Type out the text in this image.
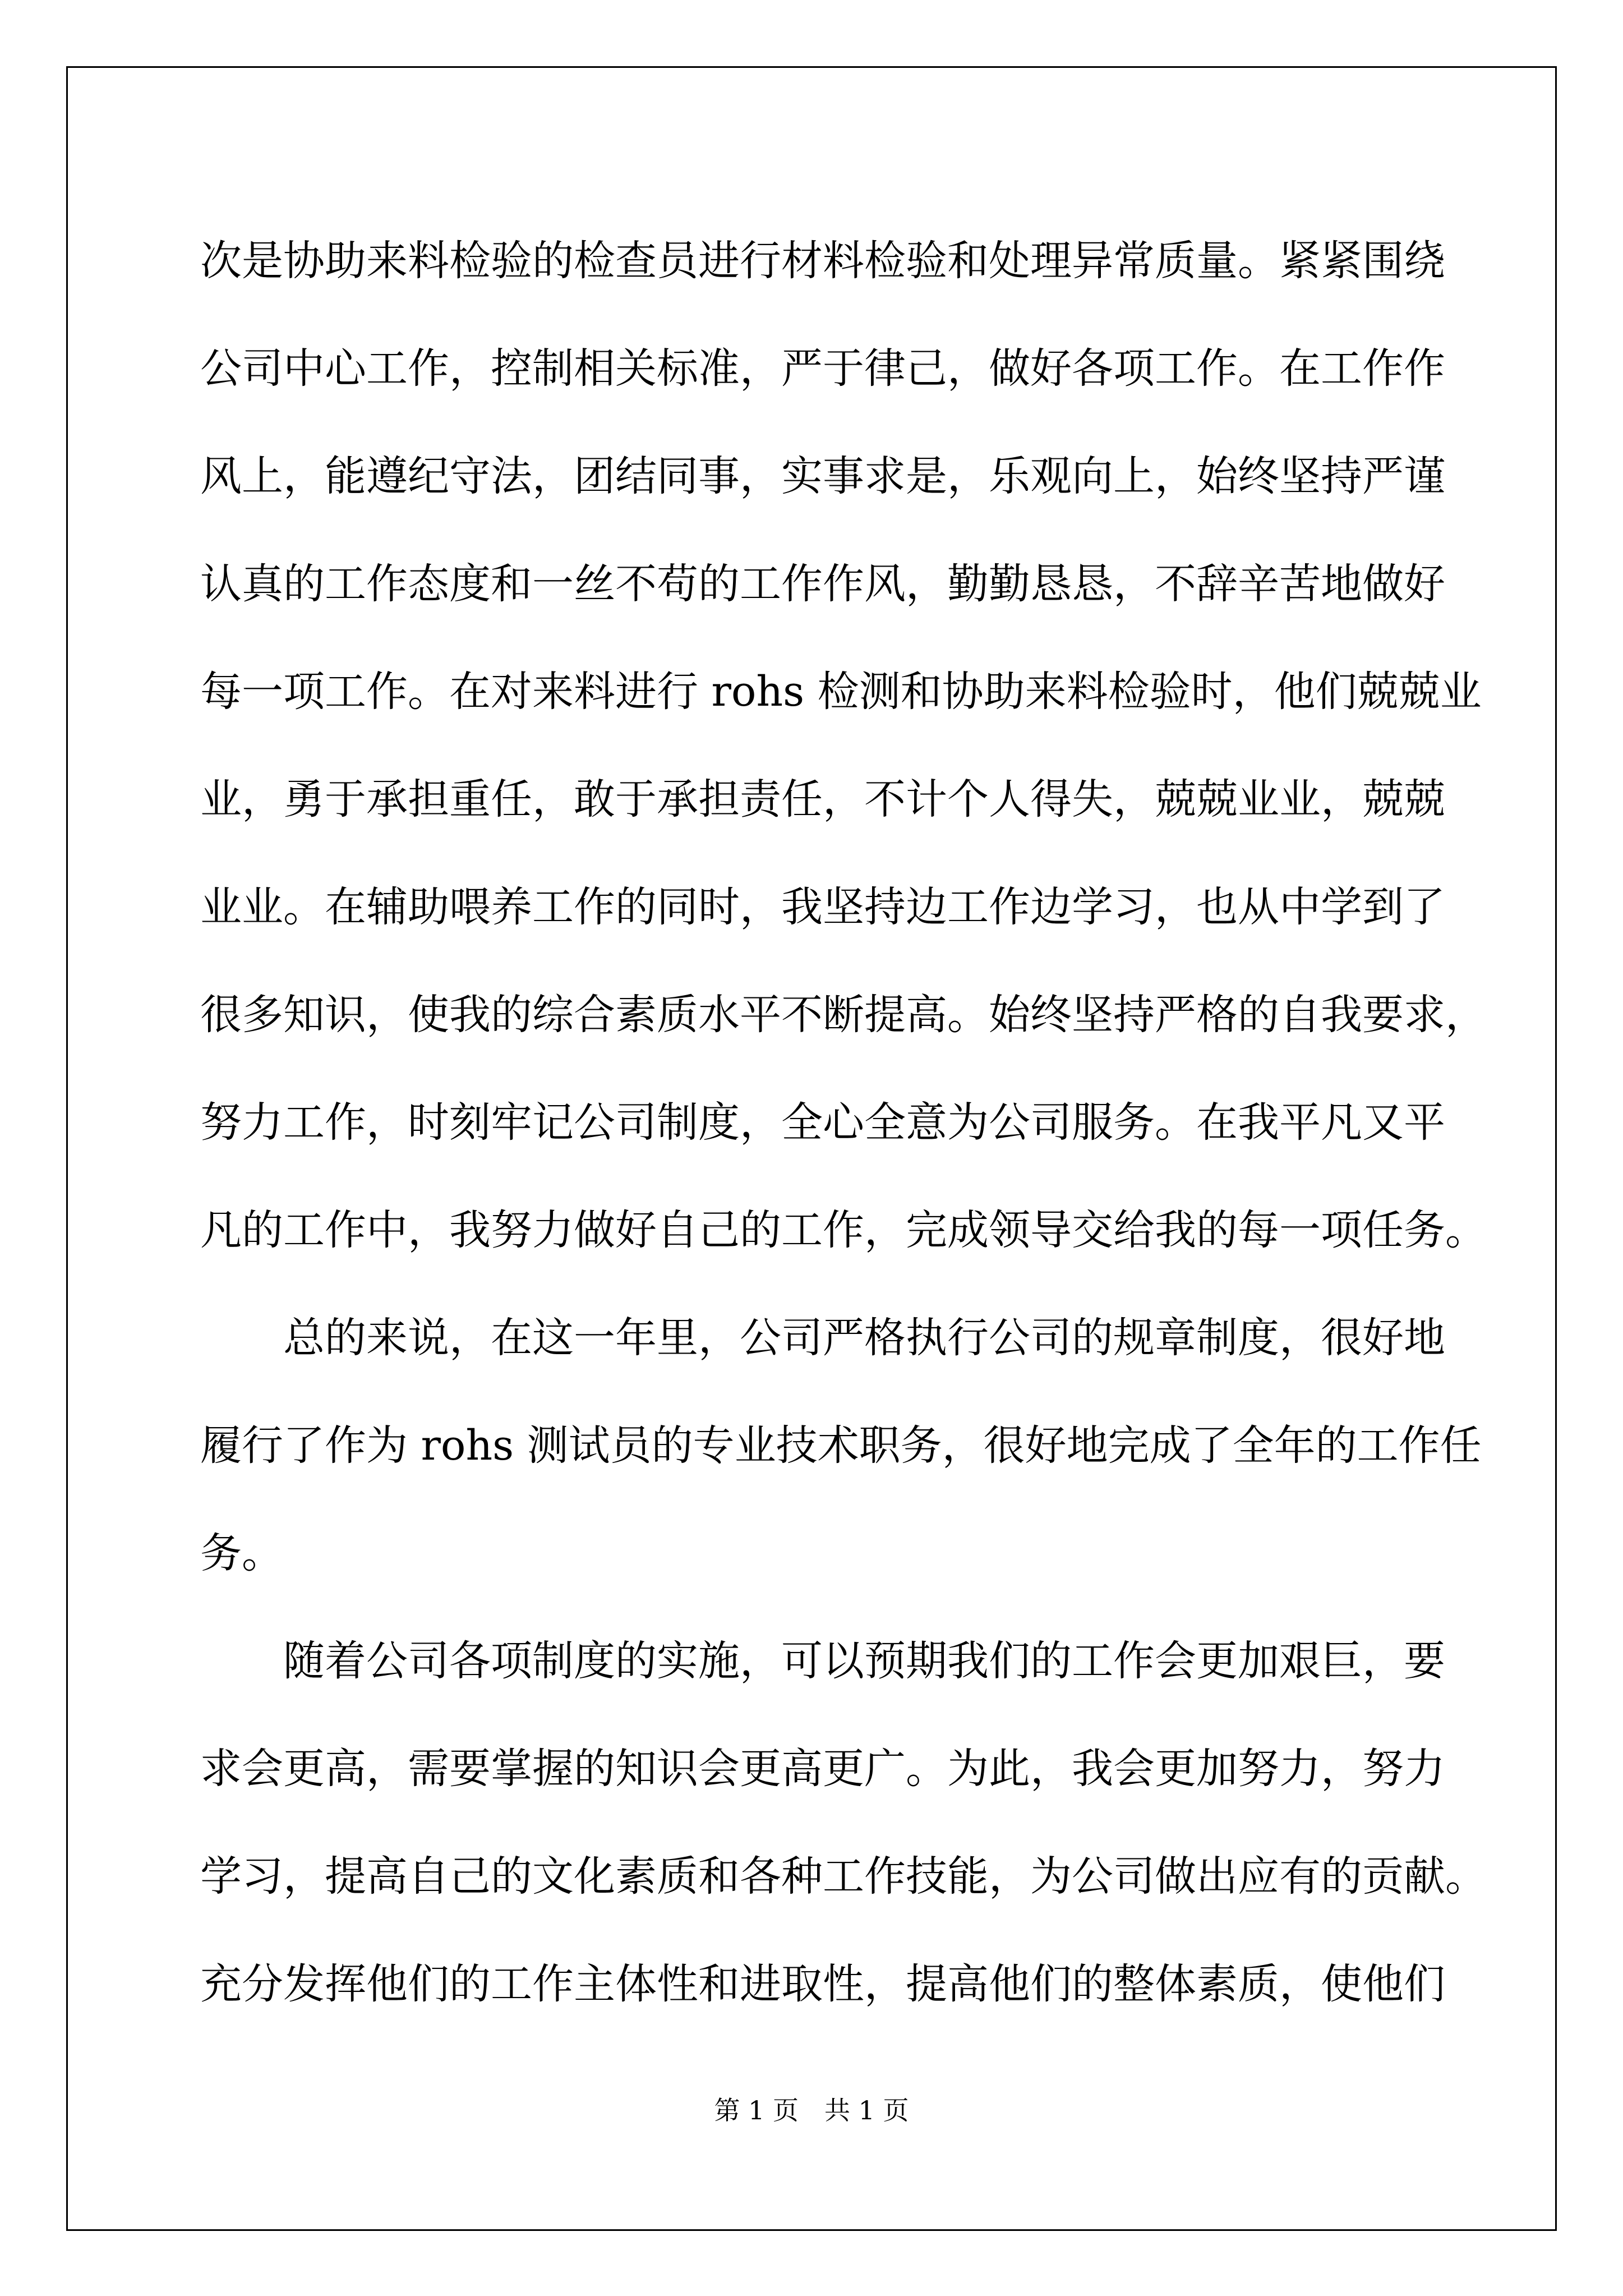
次是协助来料检验的检查员进行材料检验和处理异常质量。紧紧围绕
公司中心工作，控制相关标准，严于律己，做好各项工作。在工作作
风上，能遵纪守法，团结同事，实事求是，乐观向上，始终坚持严谨
认真的工作态度和一丝不苟的工作作风，勤勤恳恳，不辞辛苦地做好
每一项工作。在对来料进行 rohs 检测和协助来料检验时，他们兢兢业
业，勇于承担重任，敢于承担责任，不计个人得失，兢兢业业，兢兢
业业。在辅助喂养工作的同时，我坚持边工作边学习，也从中学到了
很多知识，使我的综合素质水平不断提高。始终坚持严格的自我要求，
努力工作，时刻牢记公司制度，全心全意为公司服务。在我平凡又平
凡的工作中，我努力做好自己的工作，完成领导交给我的每一项任务。
总的来说，在这一年里，公司严格执行公司的规章制度，很好地
履行了作为 rohs 测试员的专业技术职务，很好地完成了全年的工作任
务。
随着公司各项制度的实施，可以预期我们的工作会更加艰巨，要
求会更高，需要掌握的知识会更高更广。为此，我会更加努力，努力
学习，提高自己的文化素质和各种工作技能，为公司做出应有的贡献。
充分发挥他们的工作主体性和进取性，提高他们的整体素质，使他们
第 1 页　共 1 页
